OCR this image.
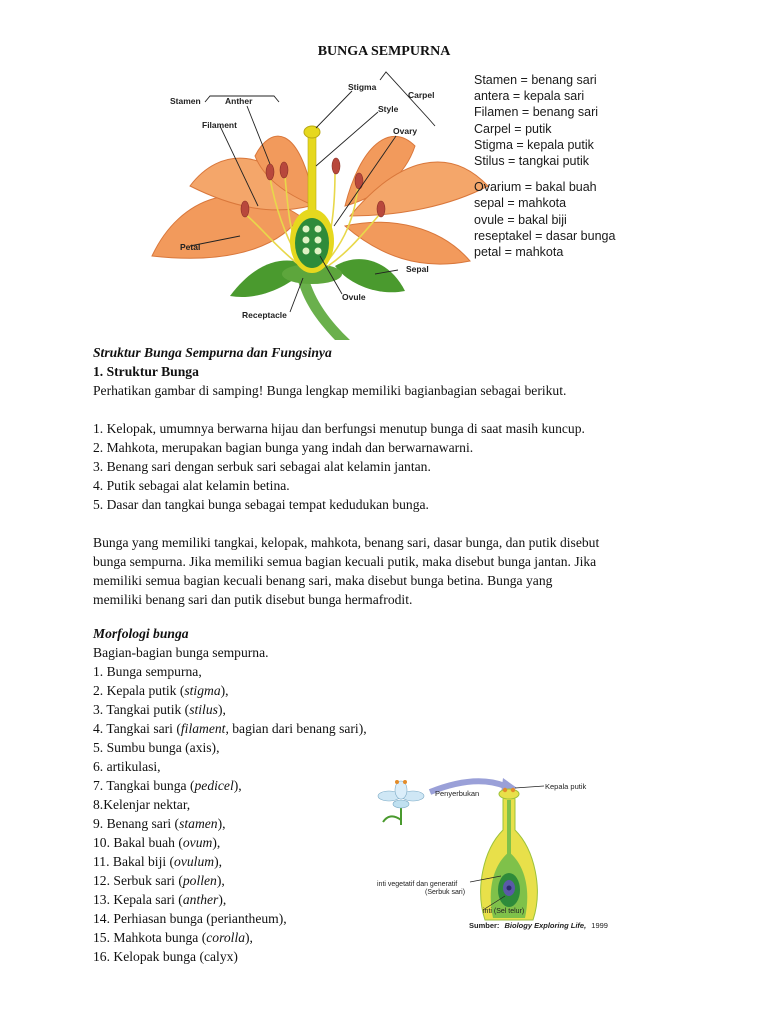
BUNGA SEMPURNA
Stamen	Anther
Stigma
Carpel
Style
Filament
Ovary
Petal
Sepal
Ovule
Receptacle
Stamen = benang sari
antera = kepala sari
Filamen = benang sari
Carpel = putik
Stigma = kepala putik
Stilus = tangkai putik
Ovarium = bakal buah
sepal = mahkota
ovule = bakal biji
reseptakel = dasar bunga
petal = mahkota

Struktur Bunga Sempurna dan Fungsinya

1. Struktur Bunga

Perhatikan gambar di samping! Bunga lengkap memiliki bagianbagian sebagai berikut.

1. Kelopak, umumnya berwarna hijau dan berfungsi menutup bunga di saat masih kuncup.
2. Mahkota, merupakan bagian bunga yang indah dan berwarnawarni.
3. Benang sari dengan serbuk sari sebagai alat kelamin jantan.
4. Putik sebagai alat kelamin betina.
5. Dasar dan tangkai bunga sebagai tempat kedudukan bunga.

Bunga yang memiliki tangkai, kelopak, mahkota, benang sari, dasar bunga, dan putik disebut
bunga sempurna. Jika memiliki semua bagian kecuali putik, maka disebut bunga jantan. Jika
memiliki semua bagian kecuali benang sari, maka disebut bunga betina. Bunga yang
memiliki benang sari dan putik disebut bunga hermafrodit.

Morfologi bunga

Bagian-bagian bunga sempurna.

1. Bunga sempurna,
2. Kepala putik (stigma),
3. Tangkai putik (stilus),
4. Tangkai sari (filament, bagian dari benang sari),
5. Sumbu bunga (axis),
6. artikulasi,
7. Tangkai bunga (pedicel),
8.Kelenjar nektar,
9. Benang sari (stamen),
10. Bakal buah (ovum),
11. Bakal biji (ovulum),
12. Serbuk sari (pollen),
13. Kepala sari (anther),
14. Perhiasan bunga (periantheum),
15. Mahkota bunga (corolla),
16. Kelopak bunga (calyx)
Penyerbukan
Kepala putik
inti vegetatif dan generatif
(Serbuk sari)
inti (Sel telur)
Sumber: Biology Exploring Life, 1999
